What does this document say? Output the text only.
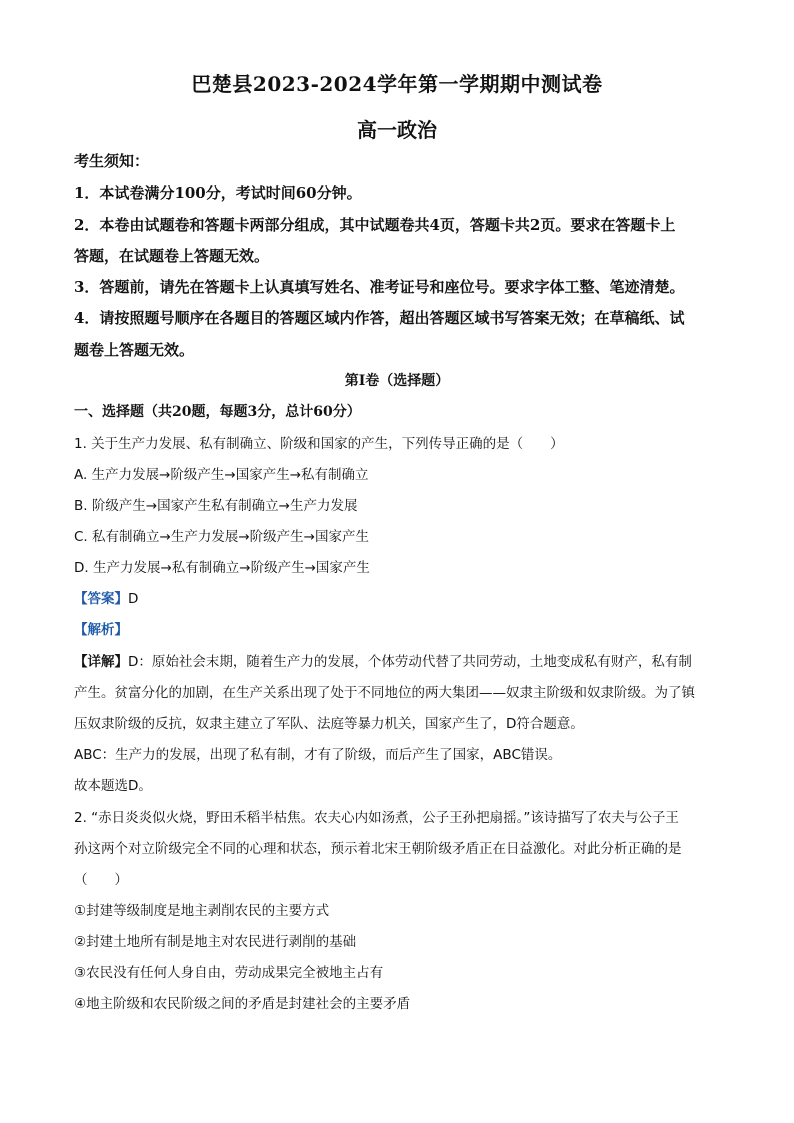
巴楚县2023-2024学年第一学期期中测试卷
高一政治
考生须知：
1．本试卷满分100分，考试时间60分钟。
2．本卷由试题卷和答题卡两部分组成，其中试题卷共4页，答题卡共2页。要求在答题卡上
答题，在试题卷上答题无效。
3．答题前，请先在答题卡上认真填写姓名、准考证号和座位号。要求字体工整、笔迹清楚。
4．请按照题号顺序在各题目的答题区域内作答，超出答题区域书写答案无效；在草稿纸、试
题卷上答题无效。
第Ⅰ卷（选择题）
一、选择题（共20题，每题3分，总计60分）
1. 关于生产力发展、私有制确立、阶级和国家的产生，下列传导正确的是（　　）
A. 生产力发展→阶级产生→国家产生→私有制确立
B. 阶级产生→国家产生私有制确立→生产力发展
C. 私有制确立→生产力发展→阶级产生→国家产生
D. 生产力发展→私有制确立→阶级产生→国家产生
【答案】D
【解析】
【详解】D：原始社会末期，随着生产力的发展，个体劳动代替了共同劳动，土地变成私有财产，私有制
产生。贫富分化的加剧，在生产关系出现了处于不同地位的两大集团——奴隶主阶级和奴隶阶级。为了镇
压奴隶阶级的反抗，奴隶主建立了军队、法庭等暴力机关，国家产生了，D符合题意。
ABC：生产力的发展，出现了私有制，才有了阶级，而后产生了国家，ABC错误。
故本题选D。
2. “赤日炎炎似火烧，野田禾稻半枯焦。农夫心内如汤煮，公子王孙把扇摇。”该诗描写了农夫与公子王
孙这两个对立阶级完全不同的心理和状态，预示着北宋王朝阶级矛盾正在日益激化。对此分析正确的是
（　　）
①封建等级制度是地主剥削农民的主要方式
②封建土地所有制是地主对农民进行剥削的基础
③农民没有任何人身自由，劳动成果完全被地主占有
④地主阶级和农民阶级之间的矛盾是封建社会的主要矛盾
